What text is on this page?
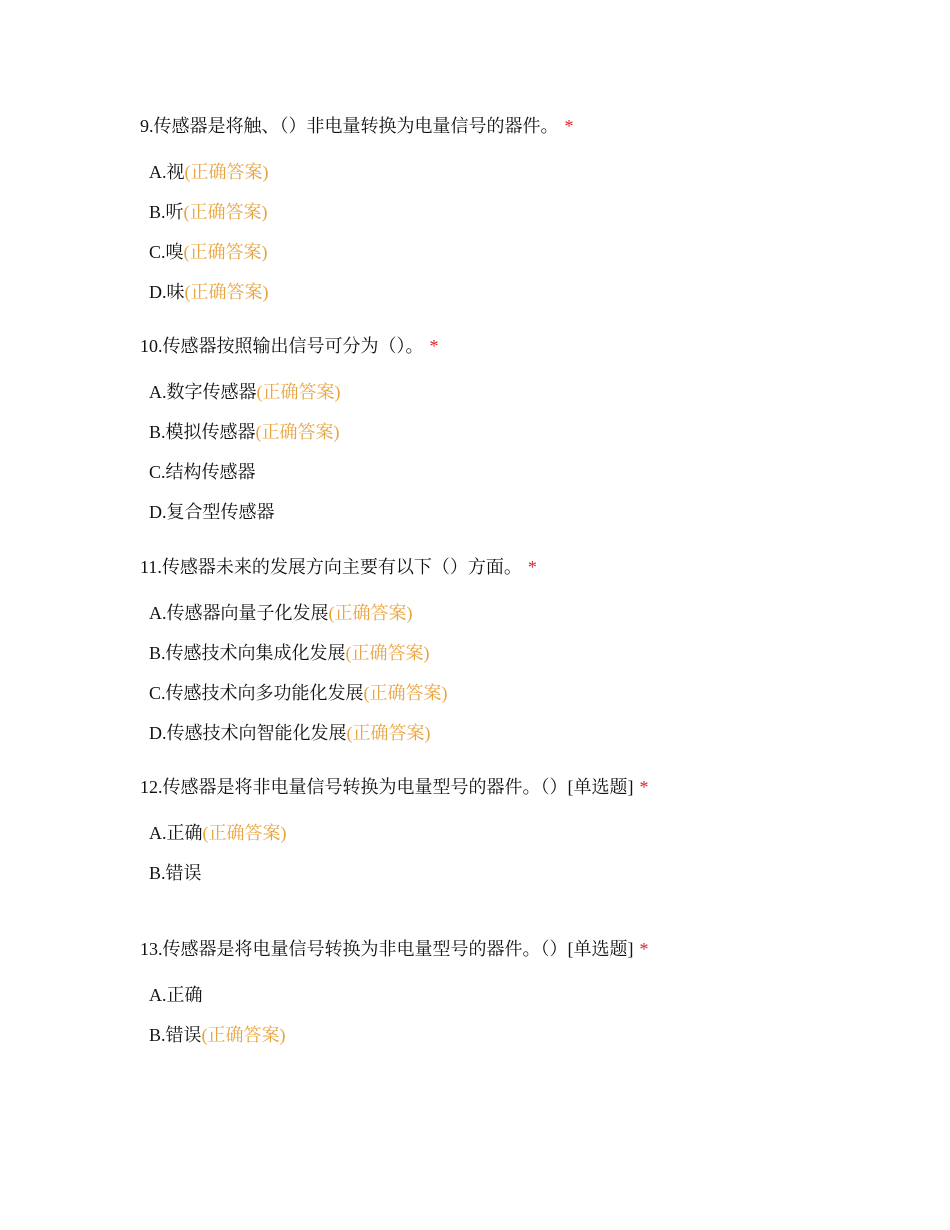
9.传感器是将触、（）非电量转换为电量信号的器件。 *
A.视(正确答案)
B.听(正确答案)
C.嗅(正确答案)
D.味(正确答案)
10.传感器按照输出信号可分为（）。 *
A.数字传感器(正确答案)
B.模拟传感器(正确答案)
C.结构传感器
D.复合型传感器
11.传感器未来的发展方向主要有以下（）方面。 *
A.传感器向量子化发展(正确答案)
B.传感技术向集成化发展(正确答案)
C.传感技术向多功能化发展(正确答案)
D.传感技术向智能化发展(正确答案)
12.传感器是将非电量信号转换为电量型号的器件。（）[单选题] *
A.正确(正确答案)
B.错误
13.传感器是将电量信号转换为非电量型号的器件。（）[单选题] *
A.正确
B.错误(正确答案)
